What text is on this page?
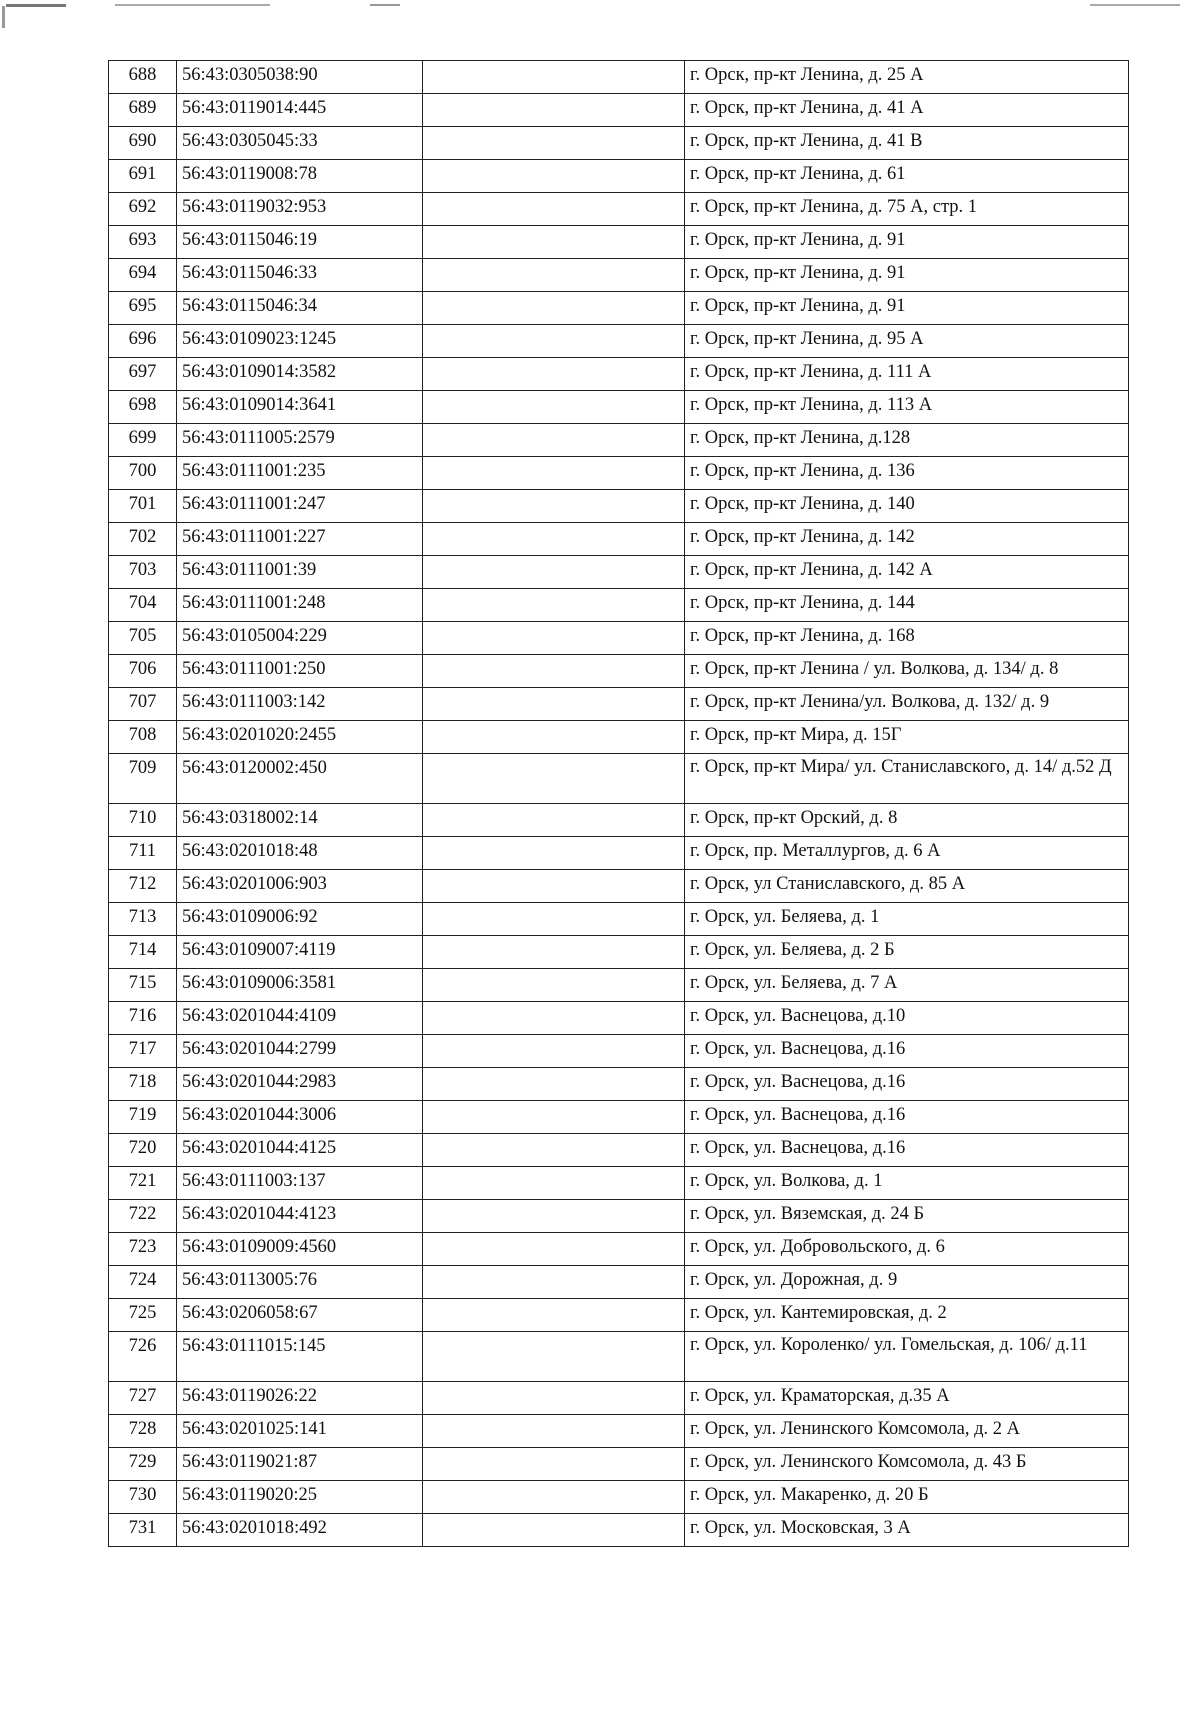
688	56:43:0305038:90		г. Орск, пр-кт Ленина, д. 25 А
689	56:43:0119014:445		г. Орск, пр-кт Ленина, д. 41 А
690	56:43:0305045:33		г. Орск, пр-кт Ленина, д. 41 В
691	56:43:0119008:78		г. Орск, пр-кт Ленина, д. 61
692	56:43:0119032:953		г. Орск, пр-кт Ленина, д. 75 А, стр. 1
693	56:43:0115046:19		г. Орск, пр-кт Ленина, д. 91
694	56:43:0115046:33		г. Орск, пр-кт Ленина, д. 91
695	56:43:0115046:34		г. Орск, пр-кт Ленина, д. 91
696	56:43:0109023:1245		г. Орск, пр-кт Ленина, д. 95 А
697	56:43:0109014:3582		г. Орск, пр-кт Ленина, д. 111 А
698	56:43:0109014:3641		г. Орск, пр-кт Ленина, д. 113 А
699	56:43:0111005:2579		г. Орск, пр-кт Ленина, д.128
700	56:43:0111001:235		г. Орск, пр-кт Ленина, д. 136
701	56:43:0111001:247		г. Орск, пр-кт Ленина, д. 140
702	56:43:0111001:227		г. Орск, пр-кт Ленина, д. 142
703	56:43:0111001:39		г. Орск, пр-кт Ленина, д. 142 А
704	56:43:0111001:248		г. Орск, пр-кт Ленина, д. 144
705	56:43:0105004:229		г. Орск, пр-кт Ленина, д. 168
706	56:43:0111001:250		г. Орск, пр-кт Ленина / ул. Волкова, д. 134/ д. 8
707	56:43:0111003:142		г. Орск, пр-кт Ленина/ул. Волкова, д. 132/ д. 9
708	56:43:0201020:2455		г. Орск, пр-кт Мира, д. 15Г
709	56:43:0120002:450		г. Орск, пр-кт Мира/ ул. Станиславского, д. 14/ д.52 Д
710	56:43:0318002:14		г. Орск, пр-кт Орский, д. 8
711	56:43:0201018:48		г. Орск, пр. Металлургов, д. 6 А
712	56:43:0201006:903		г. Орск, ул Станиславского, д. 85 А
713	56:43:0109006:92		г. Орск, ул. Беляева, д. 1
714	56:43:0109007:4119		г. Орск, ул. Беляева, д. 2 Б
715	56:43:0109006:3581		г. Орск, ул. Беляева, д. 7 А
716	56:43:0201044:4109		г. Орск, ул. Васнецова, д.10
717	56:43:0201044:2799		г. Орск, ул. Васнецова, д.16
718	56:43:0201044:2983		г. Орск, ул. Васнецова, д.16
719	56:43:0201044:3006		г. Орск, ул. Васнецова, д.16
720	56:43:0201044:4125		г. Орск, ул. Васнецова, д.16
721	56:43:0111003:137		г. Орск, ул. Волкова, д. 1
722	56:43:0201044:4123		г. Орск, ул. Вяземская, д. 24 Б
723	56:43:0109009:4560		г. Орск, ул. Добровольского, д. 6
724	56:43:0113005:76		г. Орск, ул. Дорожная, д. 9
725	56:43:0206058:67		г. Орск, ул. Кантемировская, д. 2
726	56:43:0111015:145		г. Орск, ул. Короленко/ ул. Гомельская, д. 106/ д.11
727	56:43:0119026:22		г. Орск, ул. Краматорская, д.35 А
728	56:43:0201025:141		г. Орск, ул. Ленинского Комсомола, д. 2 А
729	56:43:0119021:87		г. Орск, ул. Ленинского Комсомола, д. 43 Б
730	56:43:0119020:25		г. Орск, ул. Макаренко, д. 20 Б
731	56:43:0201018:492		г. Орск, ул. Московская, 3 А
